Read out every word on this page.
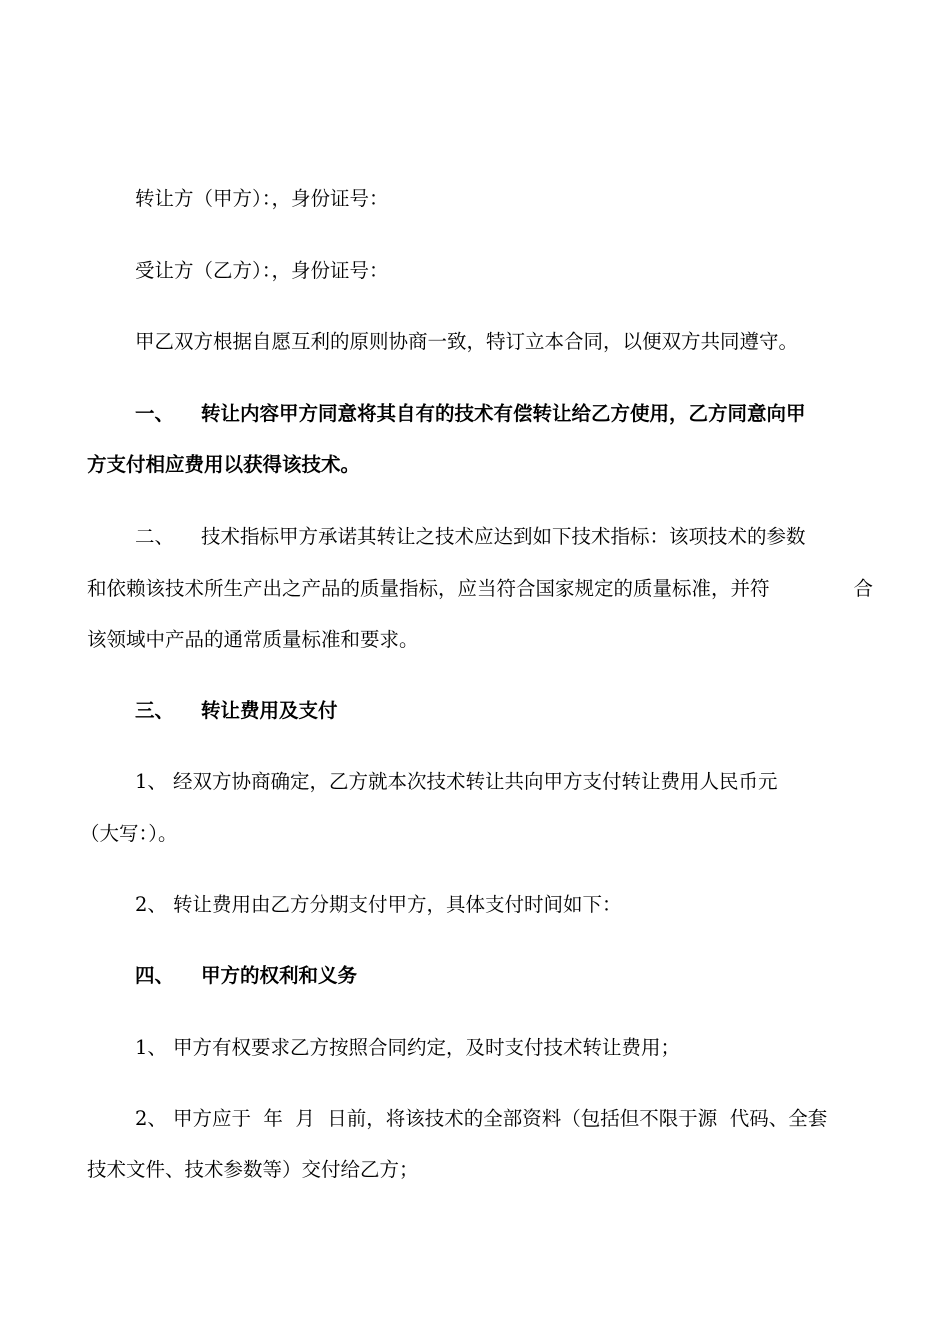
转让方（甲方）：，身份证号：
受让方（乙方）：，身份证号：
甲乙双方根据自愿互利的原则协商一致，特订立本合同，以便双方共同遵守。
一、 转让内容甲方同意将其自有的技术有偿转让给乙方使用，乙方同意向甲
方支付相应费用以获得该技术。
二、 技术指标甲方承诺其转让之技术应达到如下技术指标：该项技术的参数
和依赖该技术所生产出之产品的质量指标，应当符合国家规定的质量标准，并符	合
该领域中产品的通常质量标准和要求。
三、 转让费用及支付
1、 经双方协商确定，乙方就本次技术转让共向甲方支付转让费用人民币元
（大写：）。
2、 转让费用由乙方分期支付甲方，具体支付时间如下：
四、 甲方的权利和义务
1、 甲方有权要求乙方按照合同约定，及时支付技术转让费用；
2、 甲方应于 年 月 日前，将该技术的全部资料（包括但不限于源 代码、全套
技术文件、技术参数等）交付给乙方；
